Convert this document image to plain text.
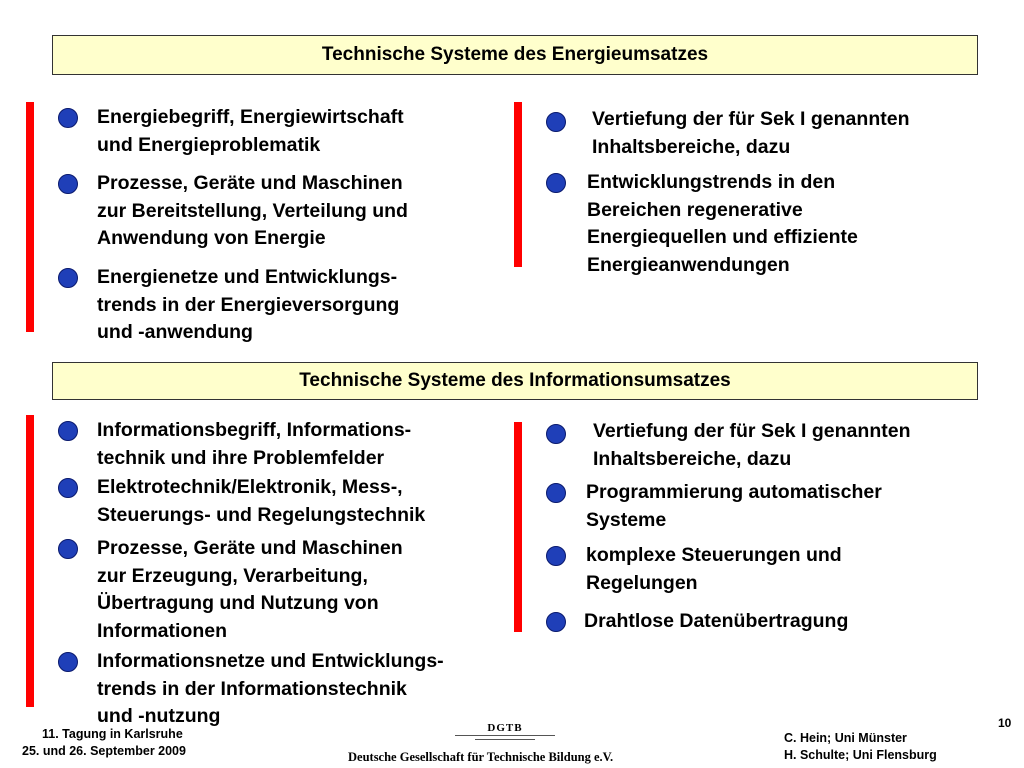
Technische Systeme des Energieumsatzes
Energiebegriff, Energiewirtschaft
und Energieproblematik
Prozesse, Geräte und Maschinen
zur Bereitstellung, Verteilung und
Anwendung von Energie
Energienetze und Entwicklungs-
trends in der Energieversorgung
und -anwendung
Vertiefung der für Sek I genannten
Inhaltsbereiche, dazu
Entwicklungstrends in den
Bereichen regenerative
Energiequellen und effiziente
Energieanwendungen
Technische Systeme des Informationsumsatzes
Informationsbegriff, Informations-
technik und ihre Problemfelder
Elektrotechnik/Elektronik, Mess-,
Steuerungs- und Regelungstechnik
Prozesse, Geräte und Maschinen
zur Erzeugung, Verarbeitung,
Übertragung und Nutzung von
Informationen
Informationsnetze und Entwicklungs-
trends in der Informationstechnik
und -nutzung
Vertiefung der für Sek I genannten
Inhaltsbereiche, dazu
Programmierung automatischer
Systeme
komplexe Steuerungen und
Regelungen
Drahtlose Datenübertragung
10
11. Tagung in Karlsruhe
25. und 26. September 2009
DGTB
Deutsche Gesellschaft für Technische Bildung e.V.
C. Hein; Uni Münster
H. Schulte; Uni Flensburg
